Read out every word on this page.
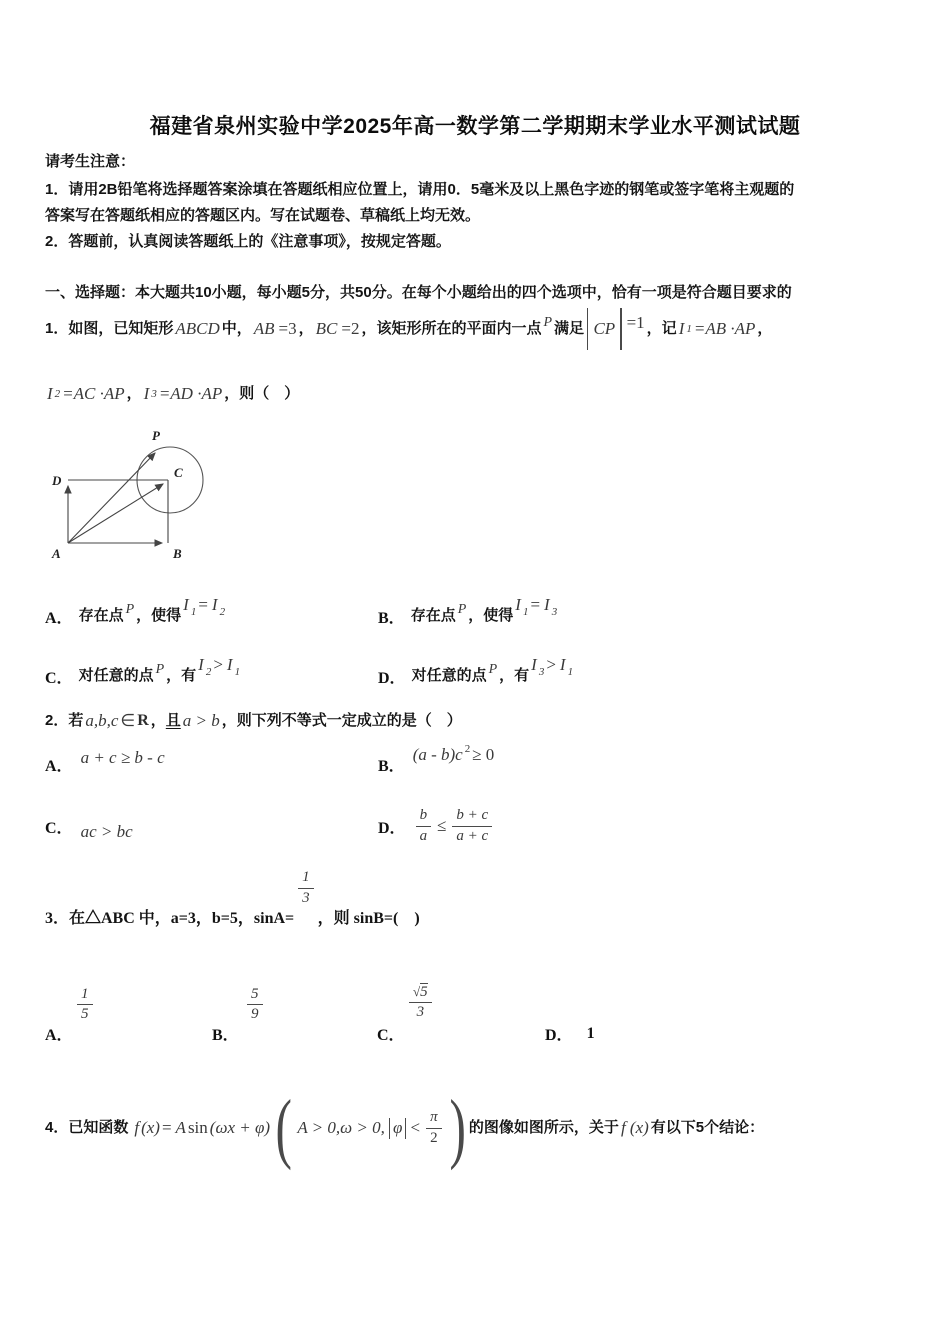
福建省泉州实验中学2025年高一数学第二学期期末学业水平测试试题
请考生注意：
1．请用2B铅笔将选择题答案涂填在答题纸相应位置上，请用0．5毫米及以上黑色字迹的钢笔或签字笔将主观题的
答案写在答题纸相应的答题区内。写在试题卷、草稿纸上均无效。
2．答题前，认真阅读答题纸上的《注意事项》，按规定答题。
一、选择题：本大题共10小题，每小题5分，共50分。在每个小题给出的四个选项中，恰有一项是符合题目要求的
1．如图，已知矩形 ABCD 中， AB =3 ， BC =2 ，该矩形所在的平面内一点 P 满足 CP =1 ，记 I 1 =AB ·AP ，
I 2 =AC ·AP ， I 3 =AD ·AP ，则（　）
P
C
D
A	B
A． 存在点 P ，使得
I $_1$ = I $_2$	B． 存在点 P ，使得
I $_1$ = I $_3$
C． 对任意的点 P ，有
I $_2$ > I $_1$	D． 对任意的点 P ，有
I $_3$ > I $_1$
2．若 a,b,c ∈ R ， 且 a > b ，则下列不等式一定成立的是（　）
A． a + c ≥ b - c	B．
(a - b)c $^2$ ≥ 0
C． ac > bc	D． $\frac{b}{a} \le \frac{b + c}{a + c}$
3．在△ABC 中，a=3，b=5，sinA=
$\frac{1}{3}$
，则 sinB=(　)
$\frac{1}{5}$
A．
$\frac{5}{9}$
B．
$\frac{√5}{3}$
C．	D． 1
4．已知函数 f (x) = A sin (ωx + φ) ( A > 0,ω > 0, $\varphi < \frac{\pi}{2}$ ) 的图像如图所示，关于 f (x) 有以下5个结论：
